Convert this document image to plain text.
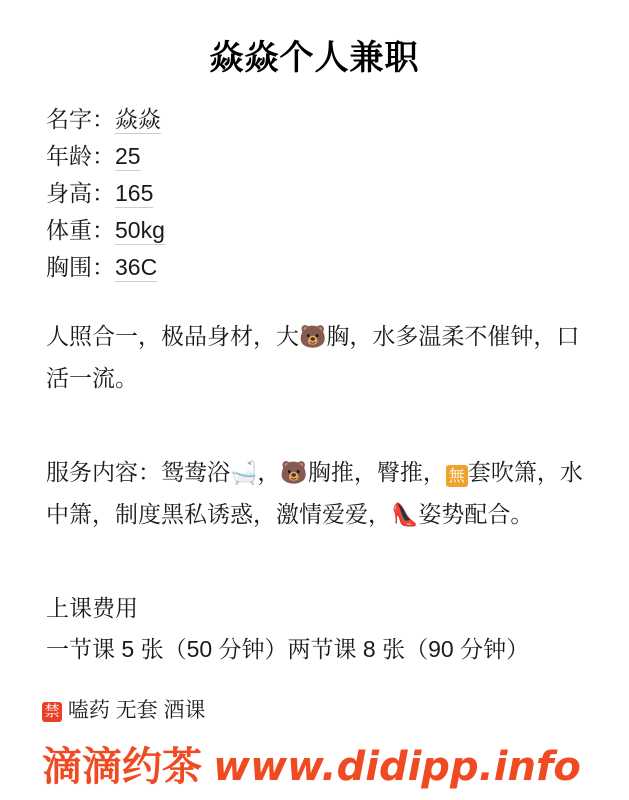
焱焱个人兼职
名字：焱焱
年龄：25
身高：165
体重：50kg
胸围：36C
人照合一，极品身材，大🐻胸，水多温柔不催钟，口活一流。
服务内容：鸳鸯浴🛁，🐻胸推，臀推， 無 套吹箫，水中箫，制度黑私诱惑，激情爱爱，👠姿势配合。
上课费用
一节课 5 张（50 分钟）两节课 8 张（90 分钟）
禁 嗑药 无套 酒课
滴滴约茶 www.didipp.info
